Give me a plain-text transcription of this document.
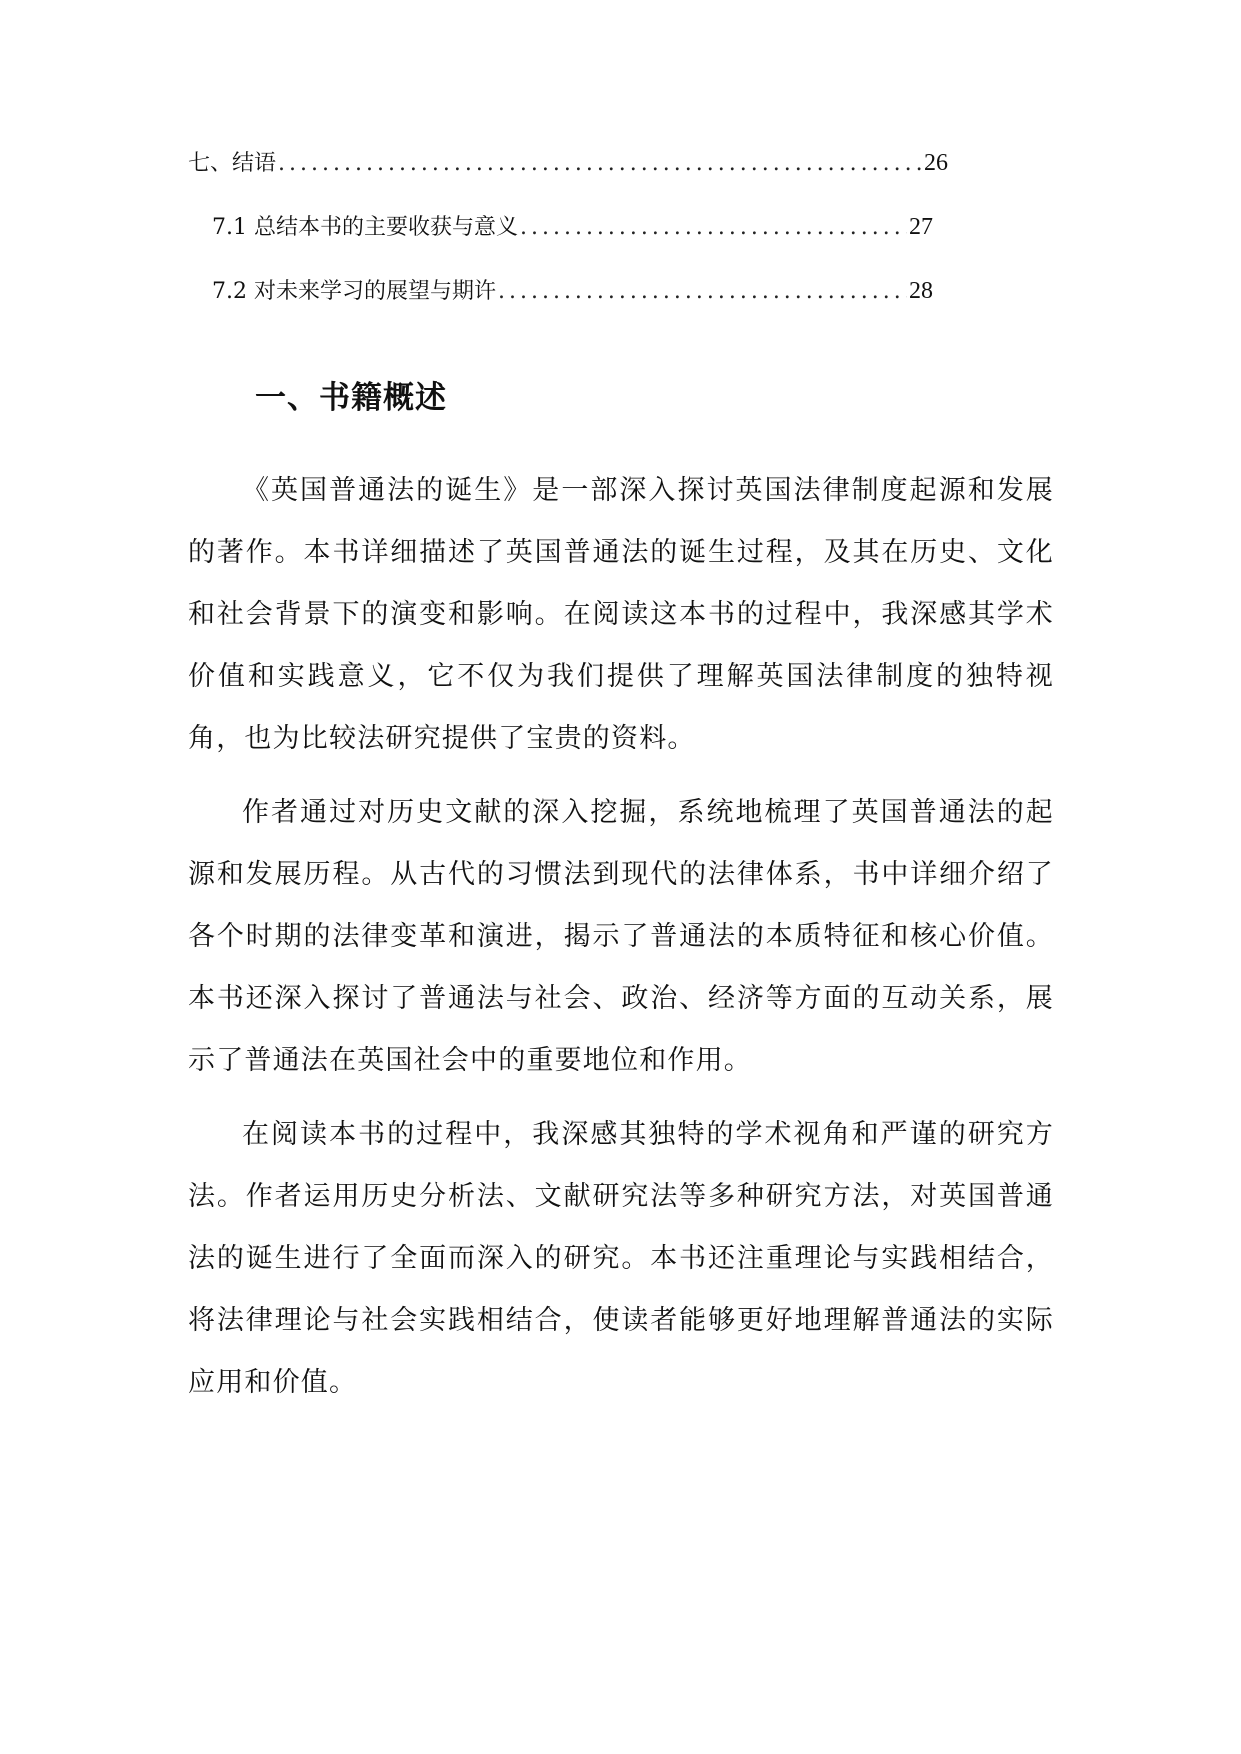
七、结语 .....	26
7.1 总结本书的主要收获与意义 .....	27
7.2 对未来学习的展望与期许 .....	28
一、书籍概述

《英国普通法的诞生》是一部深入探讨英国法律制度起源和发展的著作。本书详细描述了英国普通法的诞生过程，及其在历史、文化和社会背景下的演变和影响。在阅读这本书的过程中，我深感其学术价值和实践意义，它不仅为我们提供了理解英国法律制度的独特视角，也为比较法研究提供了宝贵的资料。

作者通过对历史文献的深入挖掘，系统地梳理了英国普通法的起源和发展历程。从古代的习惯法到现代的法律体系，书中详细介绍了各个时期的法律变革和演进，揭示了普通法的本质特征和核心价值。本书还深入探讨了普通法与社会、政治、经济等方面的互动关系，展示了普通法在英国社会中的重要地位和作用。

在阅读本书的过程中，我深感其独特的学术视角和严谨的研究方法。作者运用历史分析法、文献研究法等多种研究方法，对英国普通法的诞生进行了全面而深入的研究。本书还注重理论与实践相结合，将法律理论与社会实践相结合，使读者能够更好地理解普通法的实际应用和价值。
